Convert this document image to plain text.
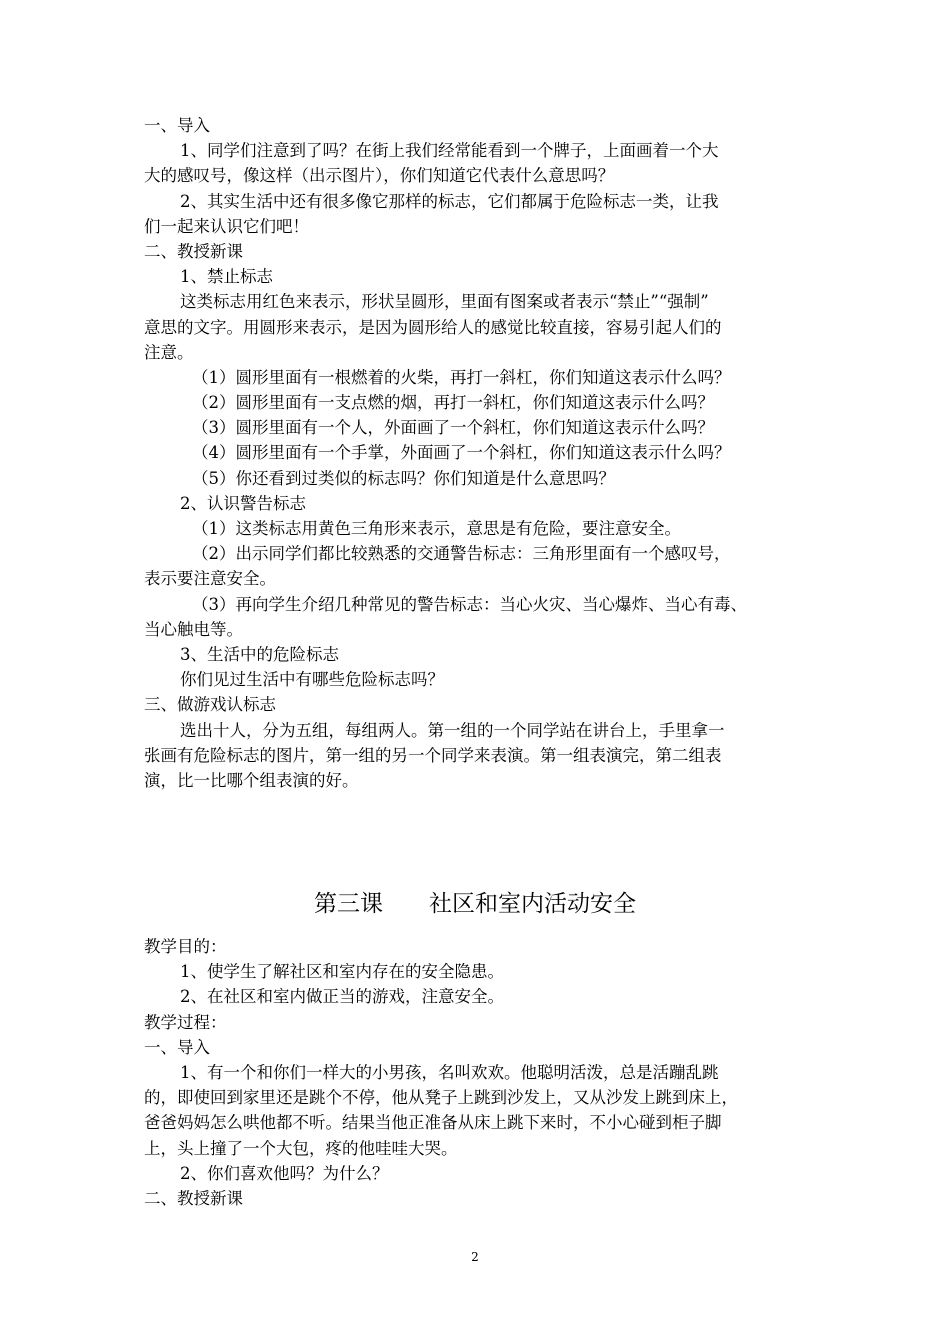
一、导入
1、同学们注意到了吗？在街上我们经常能看到一个牌子，上面画着一个大
大的感叹号，像这样（出示图片），你们知道它代表什么意思吗？
2、其实生活中还有很多像它那样的标志，它们都属于危险标志一类，让我
们一起来认识它们吧！
二、教授新课
1、禁止标志
这类标志用红色来表示，形状呈圆形，里面有图案或者表示“禁止”“强制”
意思的文字。用圆形来表示，是因为圆形给人的感觉比较直接，容易引起人们的
注意。
（1）圆形里面有一根燃着的火柴，再打一斜杠，你们知道这表示什么吗？
（2）圆形里面有一支点燃的烟，再打一斜杠，你们知道这表示什么吗？
（3）圆形里面有一个人，外面画了一个斜杠，你们知道这表示什么吗？
（4）圆形里面有一个手掌，外面画了一个斜杠，你们知道这表示什么吗？
（5）你还看到过类似的标志吗？你们知道是什么意思吗？
2、认识警告标志
（1）这类标志用黄色三角形来表示，意思是有危险，要注意安全。
（2）出示同学们都比较熟悉的交通警告标志：三角形里面有一个感叹号，
表示要注意安全。
（3）再向学生介绍几种常见的警告标志：当心火灾、当心爆炸、当心有毒、
当心触电等。
3、生活中的危险标志
你们见过生活中有哪些危险标志吗？
三、做游戏认标志
选出十人，分为五组，每组两人。第一组的一个同学站在讲台上，手里拿一
张画有危险标志的图片，第一组的另一个同学来表演。第一组表演完，第二组表
演，比一比哪个组表演的好。
第三课　　社区和室内活动安全
教学目的：
1、使学生了解社区和室内存在的安全隐患。
2、在社区和室内做正当的游戏，注意安全。
教学过程：
一、导入
1、有一个和你们一样大的小男孩，名叫欢欢。他聪明活泼，总是活蹦乱跳
的，即使回到家里还是跳个不停，他从凳子上跳到沙发上，又从沙发上跳到床上，
爸爸妈妈怎么哄他都不听。结果当他正准备从床上跳下来时，不小心碰到柜子脚
上，头上撞了一个大包，疼的他哇哇大哭。
2、你们喜欢他吗？为什么？
二、教授新课
2
